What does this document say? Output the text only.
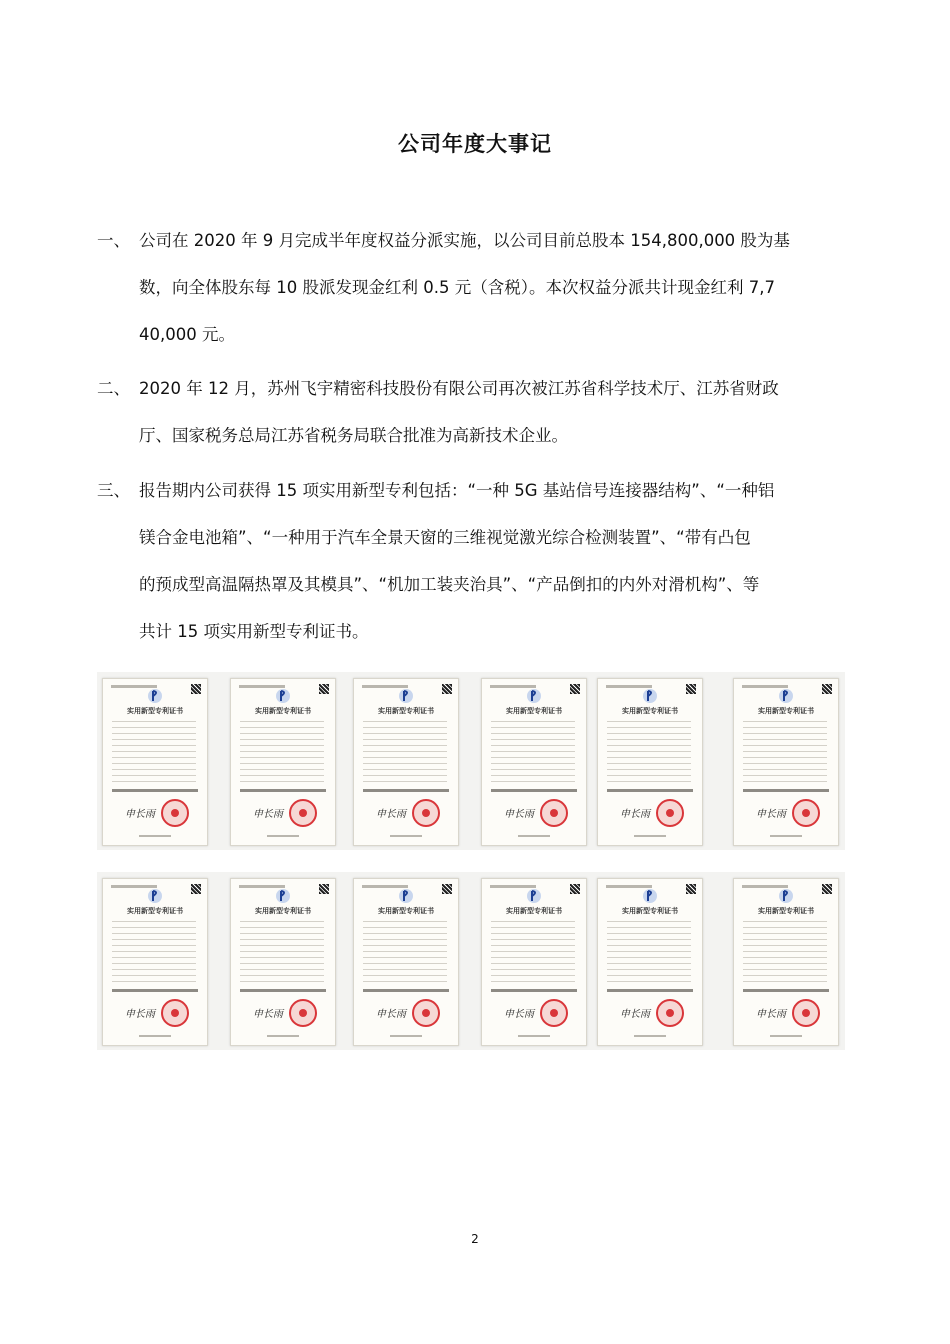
公司年度大事记
一、 公司在 2020 年 9 月完成半年度权益分派实施，以公司目前总股本 154,800,000 股为基
数，向全体股东每 10 股派发现金红利 0.5 元（含税）。本次权益分派共计现金红利 7,7
40,000 元。
二、 2020 年 12 月，苏州飞宇精密科技股份有限公司再次被江苏省科学技术厅、江苏省财政
厅、国家税务总局江苏省税务局联合批准为高新技术企业。
三、 报告期内公司获得 15 项实用新型专利包括：“一种 5G 基站信号连接器结构”、“一种铝
镁合金电池箱”、“一种用于汽车全景天窗的三维视觉激光综合检测装置”、“带有凸包
的预成型高温隔热罩及其模具”、“机加工装夹治具”、“产品倒扣的内外对滑机构”、等
共计 15 项实用新型专利证书。
实用新型专利证书
申长雨
实用新型专利证书
申长雨
实用新型专利证书
申长雨
实用新型专利证书
申长雨
实用新型专利证书
申长雨
实用新型专利证书
申长雨
实用新型专利证书
申长雨
实用新型专利证书
申长雨
实用新型专利证书
申长雨
实用新型专利证书
申长雨
实用新型专利证书
申长雨
实用新型专利证书
申长雨
2
